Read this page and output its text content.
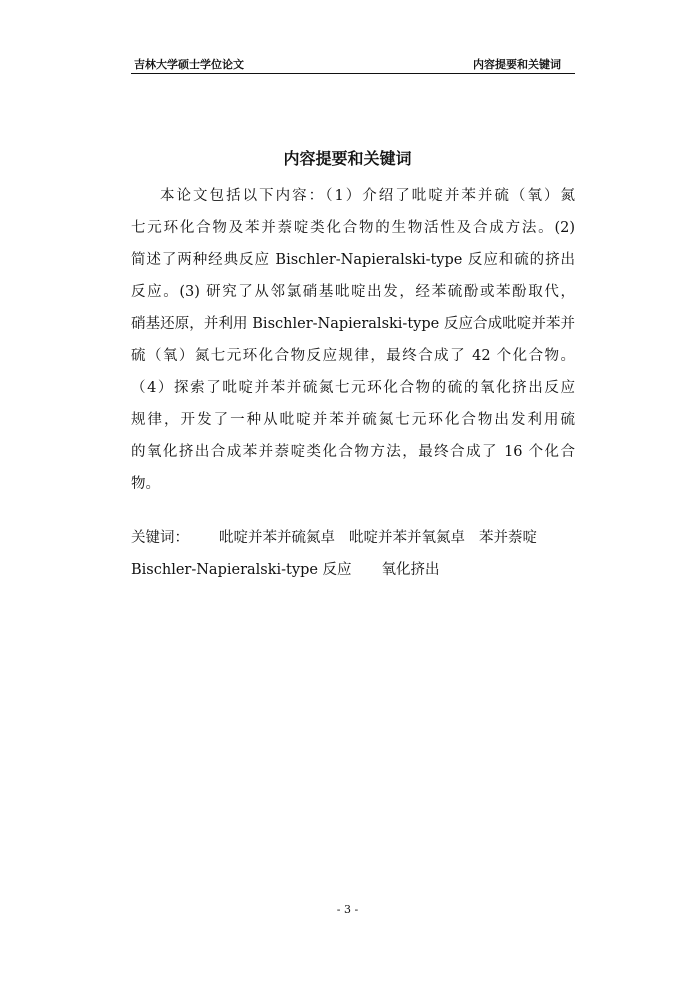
吉林大学硕士学位论文	内容提要和关键词
内容提要和关键词
本论文包括以下内容：（1）介绍了吡啶并苯并硫（氧）氮
七元环化合物及苯并萘啶类化合物的生物活性及合成方法。(2)
简述了两种经典反应 Bischler-Napieralski-type 反应和硫的挤出
反应。(3) 研究了从邻氯硝基吡啶出发，经苯硫酚或苯酚取代，
硝基还原，并利用 Bischler-Napieralski-type 反应合成吡啶并苯并
硫（氧）氮七元环化合物反应规律，最终合成了 42 个化合物。
（4）探索了吡啶并苯并硫氮七元环化合物的硫的氧化挤出反应
规律，开发了一种从吡啶并苯并硫氮七元环化合物出发利用硫
的氧化挤出合成苯并萘啶类化合物方法，最终合成了 16 个化合
物。
关键词： 吡啶并苯并硫氮卓 吡啶并苯并氧氮卓 苯并萘啶
Bischler-Napieralski-type 反应 氧化挤出
- 3 -
